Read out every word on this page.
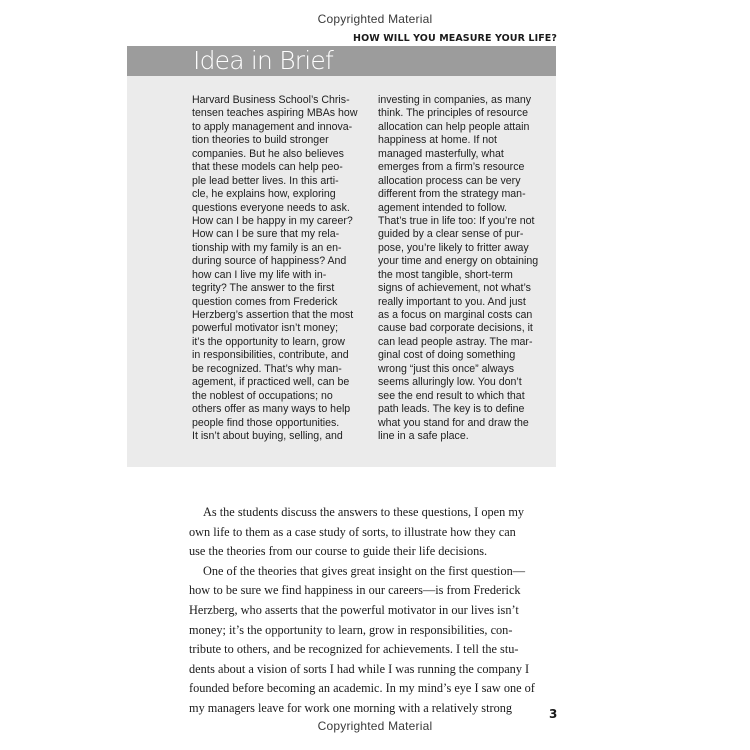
Copyrighted Material
HOW WILL YOU MEASURE YOUR LIFE?
Idea in Brief
Harvard Business School’s Chris-
tensen teaches aspiring MBAs how
to apply management and innova-
tion theories to build stronger
companies. But he also believes
that these models can help peo-
ple lead better lives. In this arti-
cle, he explains how, exploring
questions everyone needs to ask.
How can I be happy in my career?
How can I be sure that my rela-
tionship with my family is an en-
during source of happiness? And
how can I live my life with in-
tegrity? The answer to the first
question comes from Frederick
Herzberg’s assertion that the most
powerful motivator isn’t money;
it’s the opportunity to learn, grow
in responsibilities, contribute, and
be recognized. That’s why man-
agement, if practiced well, can be
the noblest of occupations; no
others offer as many ways to help
people find those opportunities.
It isn’t about buying, selling, and
investing in companies, as many
think. The principles of resource
allocation can help people attain
happiness at home. If not
managed masterfully, what
emerges from a firm’s resource
allocation process can be very
different from the strategy man-
agement intended to follow.
That’s true in life too: If you’re not
guided by a clear sense of pur-
pose, you’re likely to fritter away
your time and energy on obtaining
the most tangible, short-term
signs of achievement, not what’s
really important to you. And just
as a focus on marginal costs can
cause bad corporate decisions, it
can lead people astray. The mar-
ginal cost of doing something
wrong “just this once” always
seems alluringly low. You don’t
see the end result to which that
path leads. The key is to define
what you stand for and draw the
line in a safe place.
As the students discuss the answers to these questions, I open my
own life to them as a case study of sorts, to illustrate how they can
use the theories from our course to guide their life decisions.
One of the theories that gives great insight on the first question—
how to be sure we find happiness in our careers—is from Frederick
Herzberg, who asserts that the powerful motivator in our lives isn’t
money; it’s the opportunity to learn, grow in responsibilities, con-
tribute to others, and be recognized for achievements. I tell the stu-
dents about a vision of sorts I had while I was running the company I
founded before becoming an academic. In my mind’s eye I saw one of
my managers leave for work one morning with a relatively strong	3
Copyrighted Material
